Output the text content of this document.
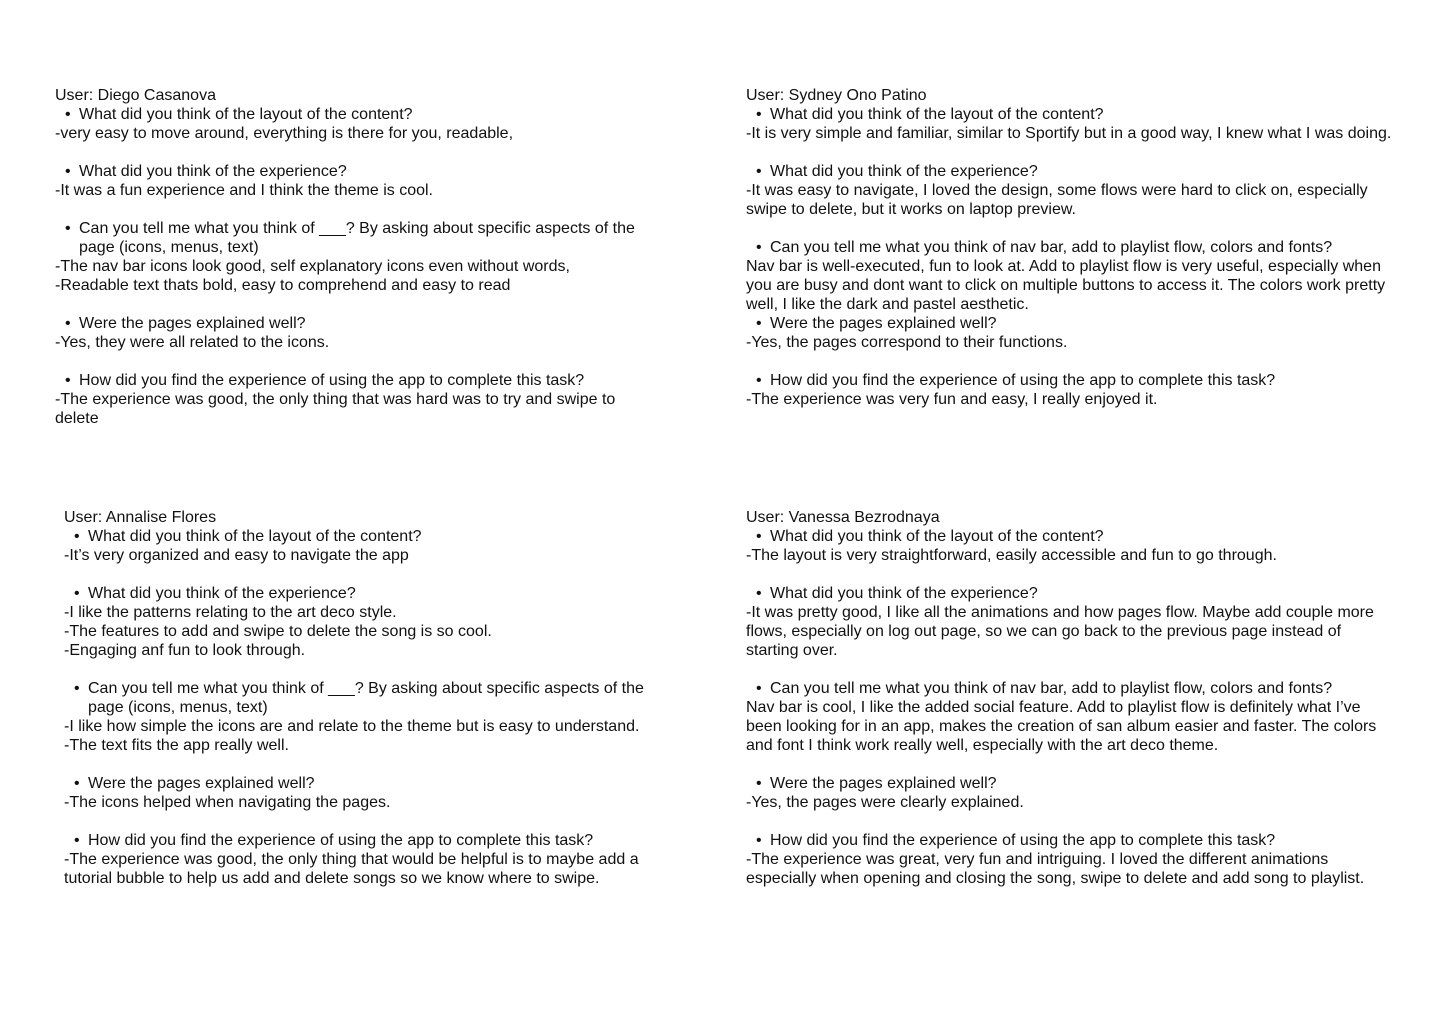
User: Diego Casanova

• What did you think of the layout of the content?

-very easy to move around, everything is there for you, readable,

• What did you think of the experience?

-It was a fun experience and I think the theme is cool.

• Can you tell me what you think of ___? By asking about specific aspects of the page (icons, menus, text)

-The nav bar icons look good, self explanatory icons even without words,

-Readable text thats bold, easy to comprehend and easy to read

• Were the pages explained well?

-Yes, they were all related to the icons.

• How did you find the experience of using the app to complete this task?

-The experience was good, the only thing that was hard was to try and swipe to delete

User: Sydney Ono Patino

• What did you think of the layout of the content?

-It is very simple and familiar, similar to Sportify but in a good way, I knew what I was doing.

• What did you think of the experience?

-It was easy to navigate, I loved the design, some flows were hard to click on, especially swipe to delete, but it works on laptop preview.

• Can you tell me what you think of nav bar, add to playlist flow, colors and fonts?

Nav bar is well-executed, fun to look at. Add to playlist flow is very useful, especially when you are busy and dont want to click on multiple buttons to access it. The colors work pretty well, I like the dark and pastel aesthetic.

• Were the pages explained well?

-Yes, the pages correspond to their functions.

• How did you find the experience of using the app to complete this task?

-The experience was very fun and easy, I really enjoyed it.

User: Annalise Flores

• What did you think of the layout of the content?

-It’s very organized and easy to navigate the app

• What did you think of the experience?

-I like the patterns relating to the art deco style.

-The features to add and swipe to delete the song is so cool.

-Engaging anf fun to look through.

• Can you tell me what you think of ___? By asking about specific aspects of the page (icons, menus, text)

-I like how simple the icons are and relate to the theme but is easy to understand.

-The text fits the app really well.

• Were the pages explained well?

-The icons helped when navigating the pages.

• How did you find the experience of using the app to complete this task?

-The experience was good, the only thing that would be helpful is to maybe add a tutorial bubble to help us add and delete songs so we know where to swipe.

User: Vanessa Bezrodnaya

• What did you think of the layout of the content?

-The layout is very straightforward, easily accessible and fun to go through.

• What did you think of the experience?

-It was pretty good, I like all the animations and how pages flow. Maybe add couple more flows, especially on log out page, so we can go back to the previous page instead of starting over.

• Can you tell me what you think of nav bar, add to playlist flow, colors and fonts?

Nav bar is cool, I like the added social feature. Add to playlist flow is definitely what I’ve been looking for in an app, makes the creation of san album easier and faster. The colors and font I think work really well, especially with the art deco theme.

• Were the pages explained well?

-Yes, the pages were clearly explained.

• How did you find the experience of using the app to complete this task?

-The experience was great, very fun and intriguing. I loved the different animations especially when opening and closing the song, swipe to delete and add song to playlist.
